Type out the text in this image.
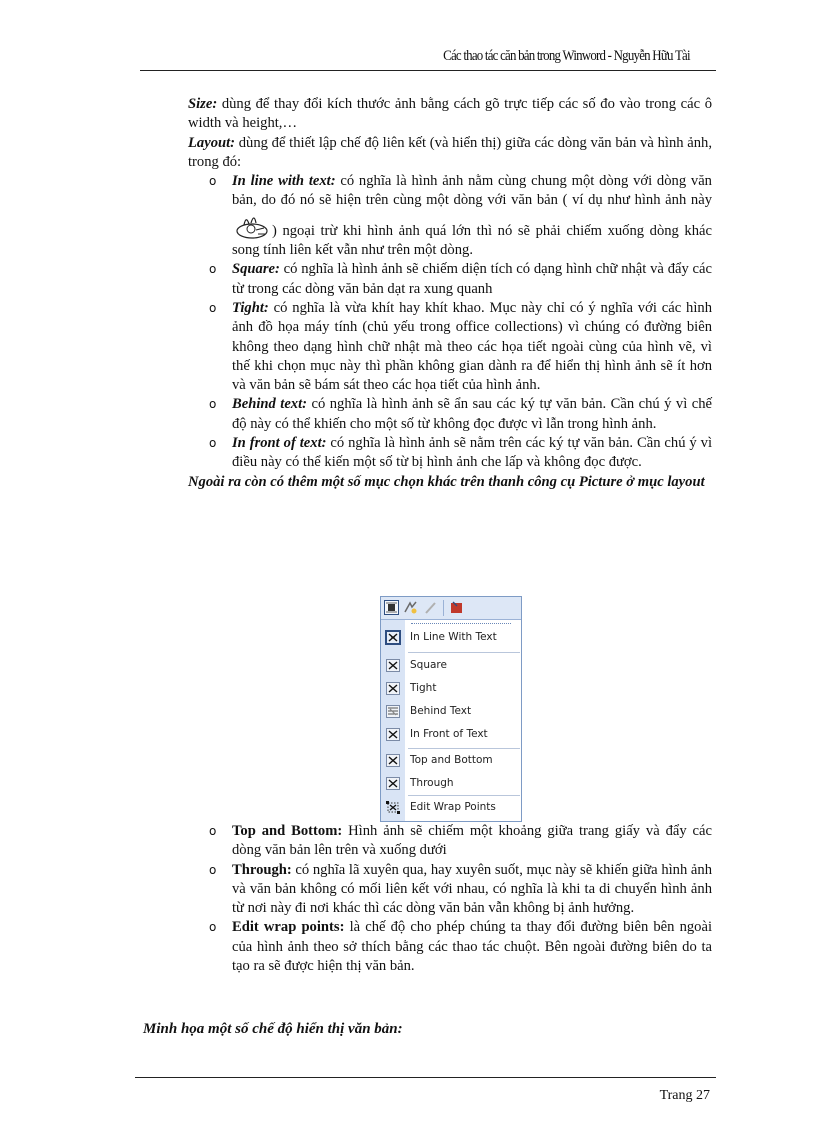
Các thao tác căn bản trong Winword - Nguyễn Hữu Tài

Size: dùng để thay đổi kích thước ảnh bằng cách gõ trực tiếp các số đo vào trong các ô width và height,…

Layout: dùng để thiết lập chế độ liên kết (và hiển thị) giữa các dòng văn bản và hình ảnh, trong đó:

o In line with text: có nghĩa là hình ảnh nằm cùng chung một dòng với dòng văn bản, do đó nó sẽ hiện trên cùng một dòng với văn bản ( ví dụ như hình ảnh này ) ngoại trừ khi hình ảnh quá lớn thì nó sẽ phải chiếm xuống dòng khác song tính liên kết vẫn như trên một dòng.
o Square: có nghĩa là hình ảnh sẽ chiếm diện tích có dạng hình chữ nhật và đẩy các từ trong các dòng văn bản dạt ra xung quanh
o Tight: có nghĩa là vừa khít hay khít khao. Mục này chỉ có ý nghĩa với các hình ảnh đồ họa máy tính (chủ yếu trong office collections) vì chúng có đường biên không theo dạng hình chữ nhật mà theo các họa tiết ngoài cùng của hình vẽ, vì thế khi chọn mục này thì phần không gian dành ra để hiển thị hình ảnh sẽ ít hơn và văn bản sẽ bám sát theo các họa tiết của hình ảnh.
o Behind text: có nghĩa là hình ảnh sẽ ẩn sau các ký tự văn bản. Cần chú ý vì chế độ này có thể khiến cho một số từ không đọc được vì lẫn trong hình ảnh.
o In front of text: có nghĩa là hình ảnh sẽ nằm trên các ký tự văn bản. Cần chú ý vì điều này có thể kiến một số từ bị hình ảnh che lấp và không đọc được.

Ngoài ra còn có thêm một số mục chọn khác trên thanh công cụ Picture ở mục layout

In Line With Text
Square
Tight
Behind Text
In Front of Text
Top and Bottom
Through
Edit Wrap Points
o Top and Bottom: Hình ảnh sẽ chiếm một khoảng giữa trang giấy và đẩy các dòng văn bản lên trên và xuống dưới
o Through: có nghĩa lã xuyên qua, hay xuyên suốt, mục này sẽ khiến giữa hình ảnh và văn bản không có mối liên kết với nhau, có nghĩa là khi ta di chuyển hình ảnh từ nơi này đi nơi khác thì các dòng văn bản vẫn không bị ảnh hưởng.
o Edit wrap points: là chế độ cho phép chúng ta thay đổi đường biên bên ngoài của hình ảnh theo sở thích bằng các thao tác chuột. Bên ngoài đường biên do ta tạo ra sẽ được hiện thị văn bản.
Minh họa một số chế độ hiển thị văn bản:
Trang 27
